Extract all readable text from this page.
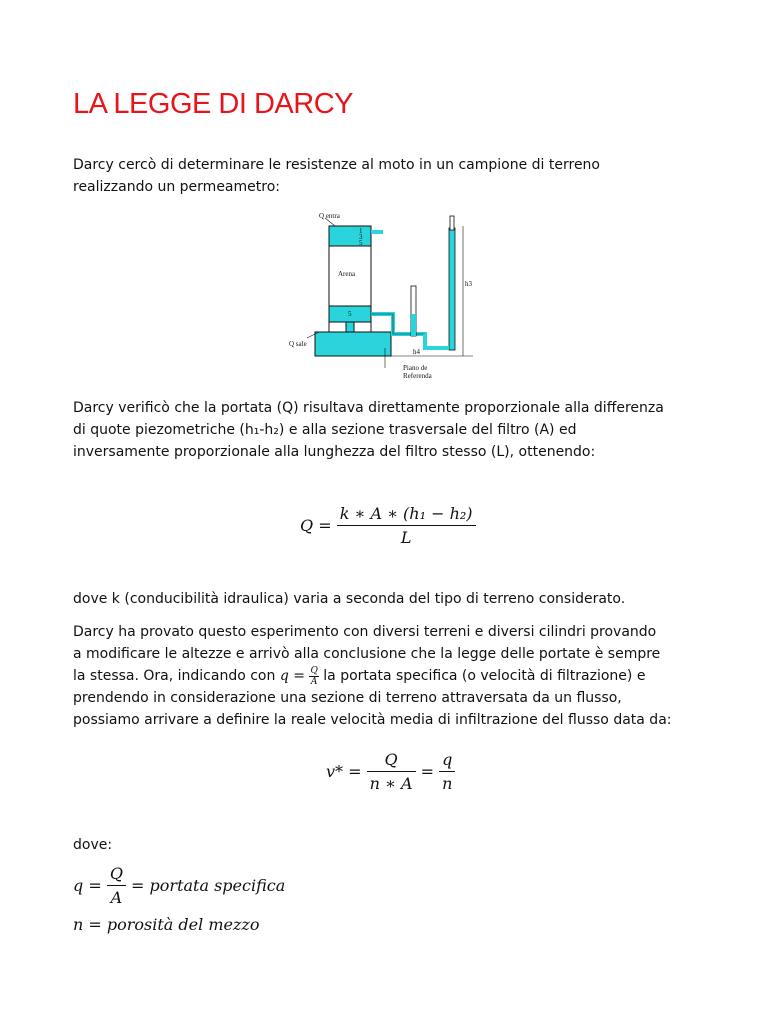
LA LEGGE DI DARCY
Darcy cercò di determinare le resistenze al moto in un campione di terreno
realizzando un permeametro:
Q entra
1
3
5
Arena
5
h3
h4
Q sale
Piano de
Referenda
Darcy verificò che la portata (Q) risultava direttamente proporzionale alla differenza
di quote piezometriche (h₁-h₂) e alla sezione trasversale del filtro (A) ed
inversamente proporzionale alla lunghezza del filtro stesso (L), ottenendo:
$Q = \frac{\text{k ∗ A ∗ (h₁ − h₂)}}{L}$
dove k (conducibilità idraulica) varia a seconda del tipo di terreno considerato.
Darcy ha provato questo esperimento con diversi terreni e diversi cilindri provando
a modificare le altezze e arrivò alla conclusione che la legge delle portate è sempre
la stessa. Ora, indicando con $q = \frac{Q}{A}$ la portata specifica (o velocità di filtrazione) e
prendendo in considerazione una sezione di terreno attraversata da un flusso,
possiamo arrivare a definire la reale velocità media di infiltrazione del flusso data da:
$v* = \frac{Q}{n ∗ A} = \frac{q}{n}$
dove:
$q = \frac{Q}{A}$ = portata specifica
n = porosità del mezzo
